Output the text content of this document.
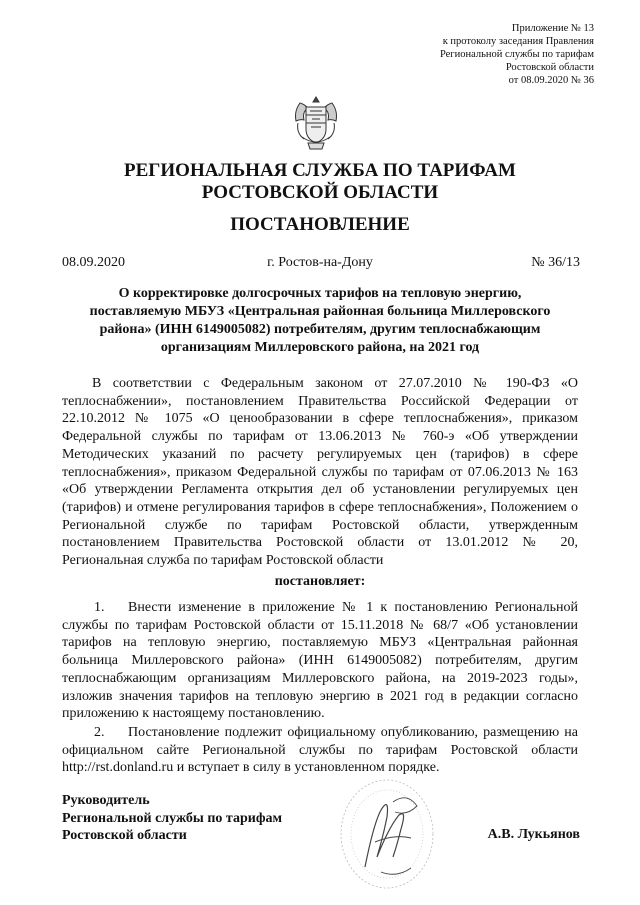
Приложение № 13
к протоколу заседания Правления
Региональной службы по тарифам
Ростовской области
от 08.09.2020 № 36
РЕГИОНАЛЬНАЯ СЛУЖБА ПО ТАРИФАМ
РОСТОВСКОЙ ОБЛАСТИ
ПОСТАНОВЛЕНИЕ
08.09.2020	г. Ростов-на-Дону	№ 36/13
О корректировке долгосрочных тарифов на тепловую энергию,
поставляемую МБУЗ «Центральная районная больница Миллеровского
района» (ИНН 6149005082) потребителям, другим теплоснабжающим
организациям Миллеровского района, на 2021 год

В соответствии с Федеральным законом от 27.07.2010 № 190-ФЗ «О теплоснабжении», постановлением Правительства Российской Федерации от 22.10.2012 № 1075 «О ценообразовании в сфере теплоснабжения», приказом Федеральной службы по тарифам от 13.06.2013 № 760-э «Об утверждении Методических указаний по расчету регулируемых цен (тарифов) в сфере теплоснабжения», приказом Федеральной службы по тарифам от 07.06.2013 № 163 «Об утверждении Регламента открытия дел об установлении регулируемых цен (тарифов) и отмене регулирования тарифов в сфере теплоснабжения», Положением о Региональной службе по тарифам Ростовской области, утвержденным постановлением Правительства Ростовской области от 13.01.2012 № 20, Региональная служба по тарифам Ростовской области

постановляет:

1. Внести изменение в приложение № 1 к постановлению Региональной службы по тарифам Ростовской области от 15.11.2018 № 68/7 «Об установлении тарифов на тепловую энергию, поставляемую МБУЗ «Центральная районная больница Миллеровского района» (ИНН 6149005082) потребителям, другим теплоснабжающим организациям Миллеровского района, на 2019-2023 годы», изложив значения тарифов на тепловую энергию в 2021 год в редакции согласно приложению к настоящему постановлению.

2. Постановление подлежит официальному опубликованию, размещению на официальном сайте Региональной службы по тарифам Ростовской области http://rst.donland.ru и вступает в силу в установленном порядке.

Руководитель
Региональной службы по тарифам
Ростовской области	А.В. Лукьянов
